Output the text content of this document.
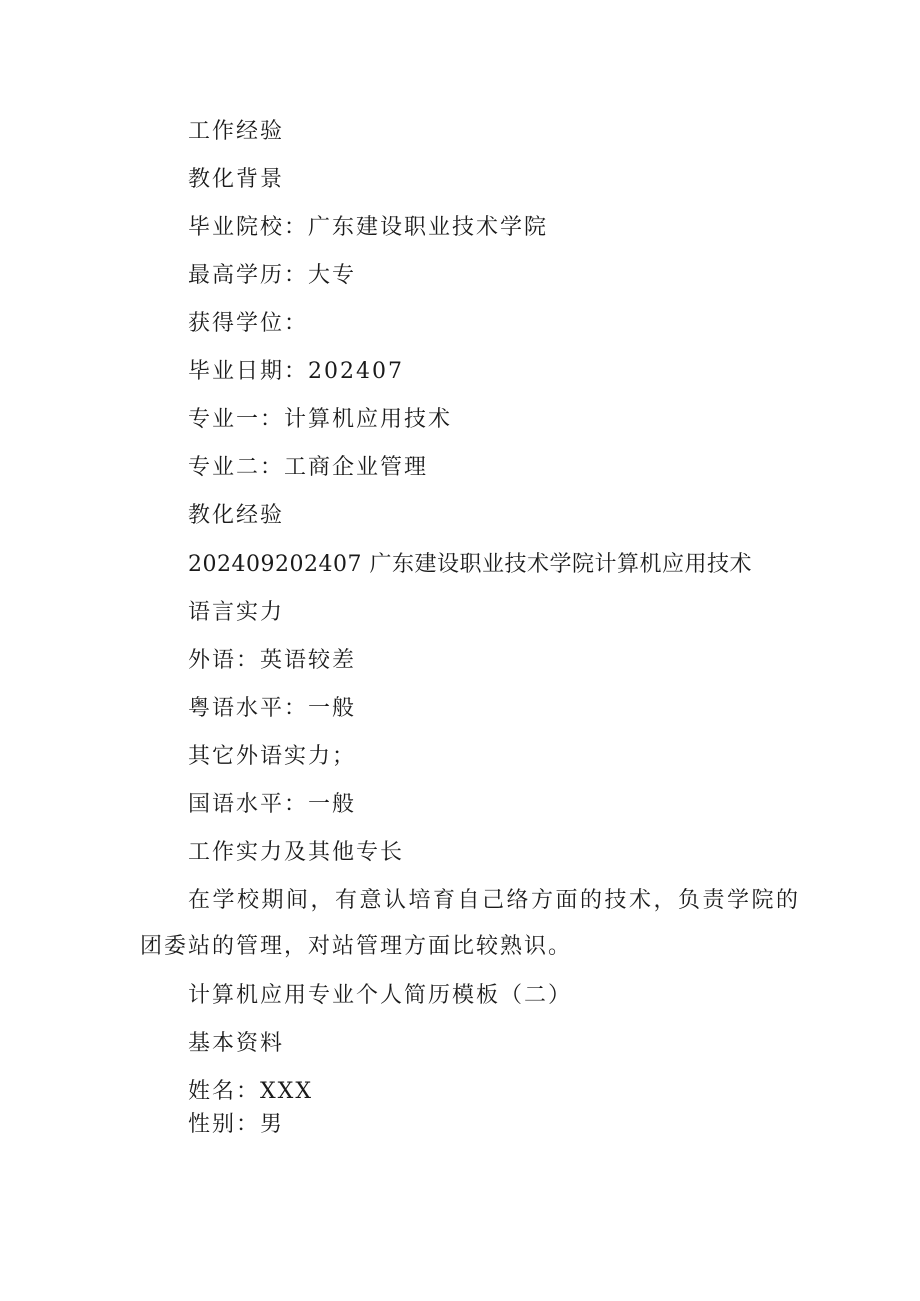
工作经验
教化背景
毕业院校：广东建设职业技术学院
最高学历：大专
获得学位：
毕业日期：202407
专业一：计算机应用技术
专业二：工商企业管理
教化经验
202409202407 广东建设职业技术学院计算机应用技术
语言实力
外语：英语较差
粤语水平：一般
其它外语实力；
国语水平：一般
工作实力及其他专长
在学校期间，有意认培育自己络方面的技术，负责学院的
团委站的管理，对站管理方面比较熟识。
计算机应用专业个人简历模板（二）
基本资料
姓名：XXX
性别：男
